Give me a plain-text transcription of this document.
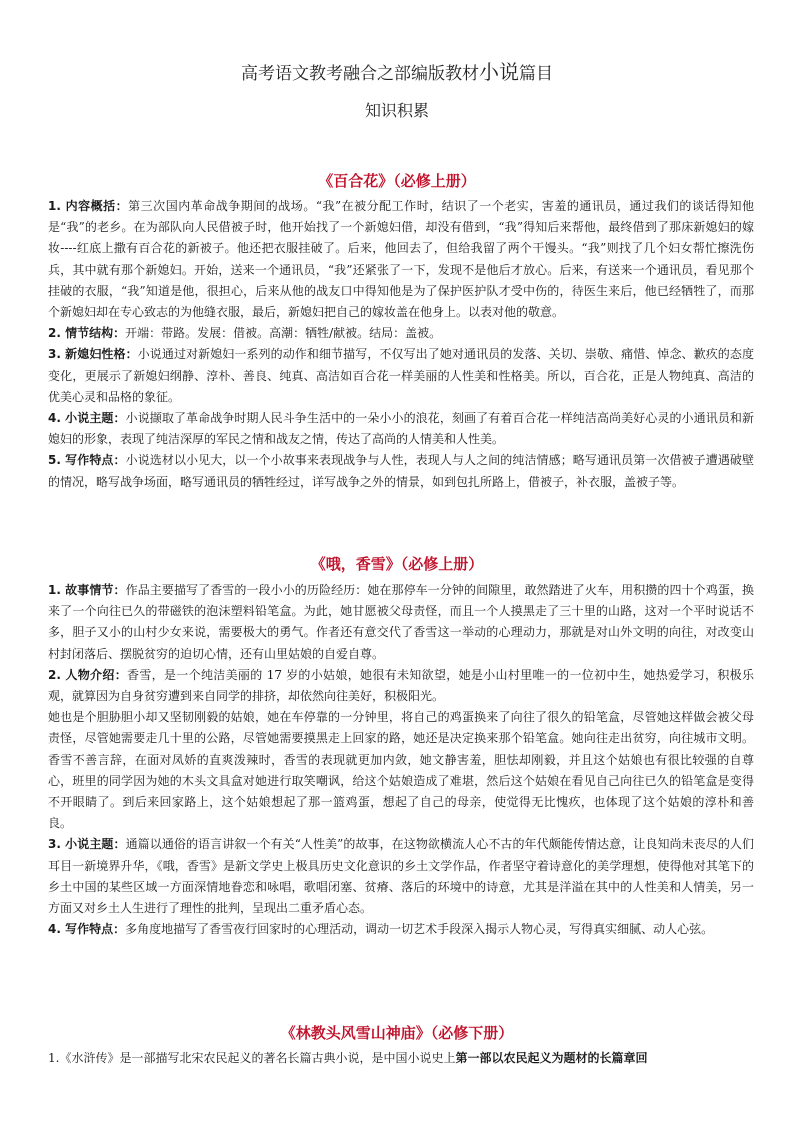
高考语文教考融合之部编版教材小说篇目
知识积累
《百合花》（必修上册）

1. 内容概括：第三次国内革命战争期间的战场。“我”在被分配工作时，结识了一个老实，害羞的通讯员，通过我们的谈话得知他是“我”的老乡。在为部队向人民借被子时，他开始找了一个新媳妇借，却没有借到，“我”得知后来帮他，最终借到了那床新媳妇的嫁妆----红底上撒有百合花的新被子。他还把衣服挂破了。后来，他回去了，但给我留了两个干馒头。“我”则找了几个妇女帮忙擦洗伤兵，其中就有那个新媳妇。开始，送来一个通讯员，“我”还紧张了一下，发现不是他后才放心。后来，有送来一个通讯员，看见那个挂破的衣服，“我”知道是他，很担心，后来从他的战友口中得知他是为了保护医护队才受中伤的，待医生来后，他已经牺牲了，而那个新媳妇却在专心致志的为他缝衣服，最后，新媳妇把自己的嫁妆盖在他身上。以表对他的敬意。

2. 情节结构：开端：带路。发展：借被。高潮：牺牲/献被。结局：盖被。

3. 新媳妇性格：小说通过对新媳妇一系列的动作和细节描写，不仅写出了她对通讯员的发落、关切、崇敬、痛惜、悼念、歉疚的态度变化，更展示了新媳妇纲静、淳朴、善良、纯真、高洁如百合花一样美丽的人性美和性格美。所以，百合花，正是人物纯真、高洁的优美心灵和品格的象征。

4. 小说主题：小说撷取了革命战争时期人民斗争生活中的一朵小小的浪花，刻画了有着百合花一样纯洁高尚美好心灵的小通讯员和新媳妇的形象，表现了纯洁深厚的军民之情和战友之情，传达了高尚的人情美和人性美。

5. 写作特点：小说选材以小见大，以一个小故事来表现战争与人性，表现人与人之间的纯洁情感；略写通讯员第一次借被子遭遇破壁的情况，略写战争场面，略写通讯员的牺牲经过，详写战争之外的情景，如到包扎所路上，借被子，补衣服，盖被子等。

《哦，香雪》（必修上册）

1. 故事情节：作品主要描写了香雪的一段小小的历险经历：她在那停车一分钟的间隙里，敢然踏进了火车，用积攒的四十个鸡蛋，换来了一个向往已久的带磁铁的泡沫塑料铅笔盒。为此，她甘愿被父母责怪，而且一个人摸黑走了三十里的山路，这对一个平时说话不多，胆子又小的山村少女来说，需要极大的勇气。作者还有意交代了香雪这一举动的心理动力，那就是对山外文明的向往，对改变山村封闭落后、摆脱贫穷的迫切心情，还有山里姑娘的自爱自尊。

2. 人物介绍：香雪，是一个纯洁美丽的 17 岁的小姑娘，她很有未知欲望，她是小山村里唯一的一位初中生，她热爱学习，积极乐观，就算因为自身贫穷遭到来自同学的排挤，却依然向往美好，积极阳光。

她也是个胆胁胆小却又坚韧刚毅的姑娘，她在车停靠的一分钟里，将自己的鸡蛋换来了向往了很久的铅笔盒，尽管她这样做会被父母责怪，尽管她需要走几十里的公路，尽管她需要摸黑走上回家的路，她还是决定换来那个铅笔盒。她向往走出贫穷，向往城市文明。香雪不善言辞，在面对凤娇的直爽泼辣时，香雪的表现就更加内敛，她文静害羞，胆怯却刚毅，并且这个姑娘也有很比较强的自尊心，班里的同学因为她的木头文具盒对她进行取笑嘲讽，给这个姑娘造成了难堪，然后这个姑娘在看见自己向往已久的铅笔盒是变得不开眼睛了。到后来回家路上，这个姑娘想起了那一篮鸡蛋，想起了自己的母亲，使觉得无比愧疚，也体现了这个姑娘的淳朴和善良。

3. 小说主题：通篇以通俗的语言讲叙一个有关“人性美”的故事，在这物欲横流人心不古的年代颇能传情达意，让良知尚未丧尽的人们耳目一新境界升华，《哦，香雪》是新文学史上极具历史文化意识的乡土文学作品，作者坚守着诗意化的美学理想，使得他对其笔下的乡土中国的某些区域一方面深情地眷恋和咏唱，歌唱闭塞、贫瘠、落后的环境中的诗意，尤其是洋溢在其中的人性美和人情美，另一方面又对乡土人生进行了理性的批判，呈现出二重矛盾心态。

4. 写作特点：多角度地描写了香雪夜行回家时的心理活动，调动一切艺术手段深入揭示人物心灵，写得真实细腻、动人心弦。

《林教头风雪山神庙》（必修下册）

1.《水浒传》是一部描写北宋农民起义的著名长篇古典小说，是中国小说史上第一部以农民起义为题材的长篇章回
